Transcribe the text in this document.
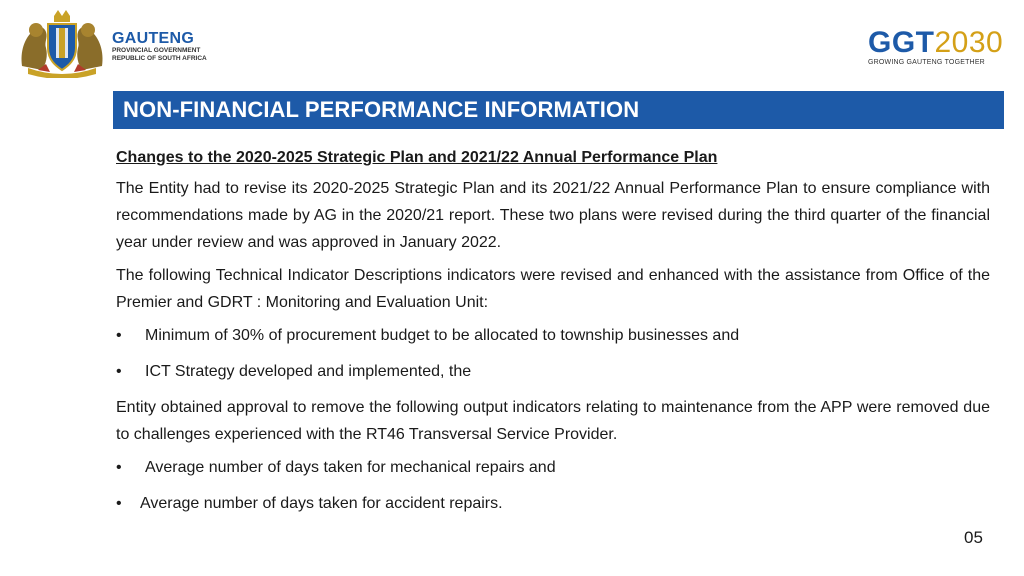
GAUTENG
PROVINCIAL GOVERNMENT
REPUBLIC OF SOUTH AFRICA	GGT2030
GROWING GAUTENG TOGETHER
NON-FINANCIAL PERFORMANCE INFORMATION
Changes to the 2020-2025 Strategic Plan and 2021/22 Annual Performance Plan

The Entity had to revise its 2020-2025 Strategic Plan and its 2021/22 Annual Performance Plan to ensure compliance with recommendations made by AG in the 2020/21 report. These two plans were revised during the third quarter of the financial year under review and was approved in January 2022.

The following Technical Indicator Descriptions indicators were revised and enhanced with the assistance from Office of the Premier and GDRT : Monitoring and Evaluation Unit:

•	Minimum of 30% of procurement budget to be allocated to township businesses and
•	ICT Strategy developed and implemented, the

Entity obtained approval to remove the following output indicators relating to maintenance from the APP were removed due to challenges experienced with the RT46 Transversal Service Provider.

•	Average number of days taken for mechanical repairs and
•	Average number of days taken for accident repairs.
05
